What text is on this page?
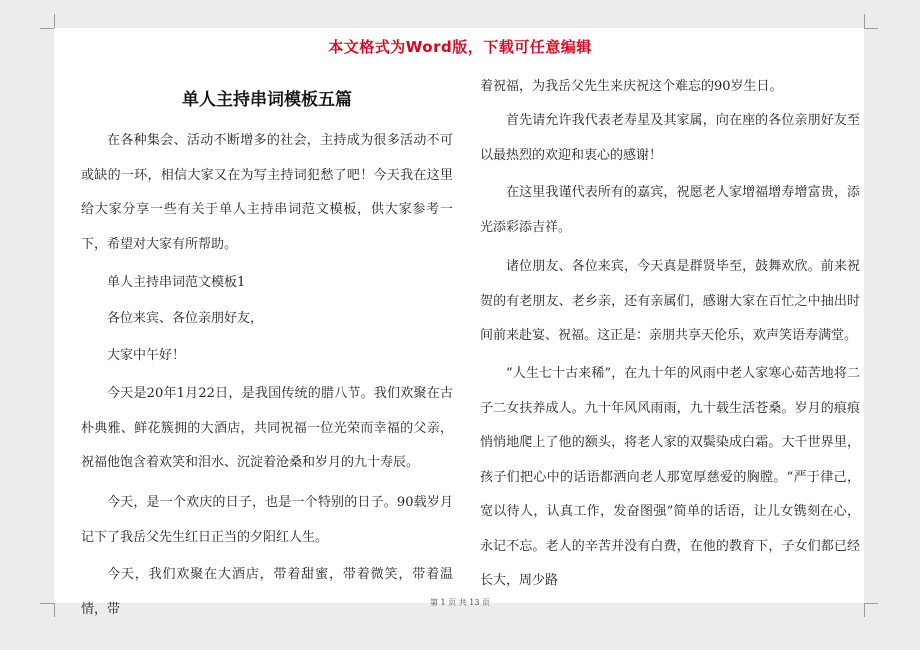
本文格式为Word版，下载可任意编辑
单人主持串词模板五篇

在各种集会、活动不断增多的社会，主持成为很多活动不可或缺的一环，相信大家又在为写主持词犯愁了吧！今天我在这里给大家分享一些有关于单人主持串词范文模板，供大家参考一下，希望对大家有所帮助。

单人主持串词范文模板1

各位来宾、各位亲朋好友，

大家中午好！

今天是20年1月22日，是我国传统的腊八节。我们欢聚在古朴典雅、鲜花簇拥的大酒店，共同祝福一位光荣而幸福的父亲，祝福他饱含着欢笑和泪水、沉淀着沧桑和岁月的九十寿辰。

今天，是一个欢庆的日子，也是一个特别的日子。90载岁月记下了我岳父先生红日正当的夕阳红人生。

今天，我们欢聚在大酒店，带着甜蜜，带着微笑，带着温情，带

着祝福，为我岳父先生来庆祝这个难忘的90岁生日。

首先请允许我代表老寿星及其家属，向在座的各位亲朋好友至以最热烈的欢迎和衷心的感谢！

在这里我谨代表所有的嘉宾，祝愿老人家增福增寿增富贵，添光添彩添吉祥。

诸位朋友、各位来宾，今天真是群贤毕至，鼓舞欢欣。前来祝贺的有老朋友、老乡亲，还有亲属们，感谢大家在百忙之中抽出时间前来赴宴、祝福。这正是：亲朋共享天伦乐，欢声笑语寿满堂。

“人生七十古来稀”，在九十年的风雨中老人家寒心茹苦地将二子二女扶养成人。九十年风风雨雨，九十载生活苍桑。岁月的痕痕悄悄地爬上了他的额头，将老人家的双鬓染成白霜。大千世界里，孩子们把心中的话语都洒向老人那宽厚慈爱的胸膛。“严于律己，宽以待人，认真工作，发奋图强”简单的话语，让儿女镌刻在心，永记不忘。老人的辛苦并没有白费，在他的教育下，子女们都已经长大，周少路

第 1 页 共 13 页
